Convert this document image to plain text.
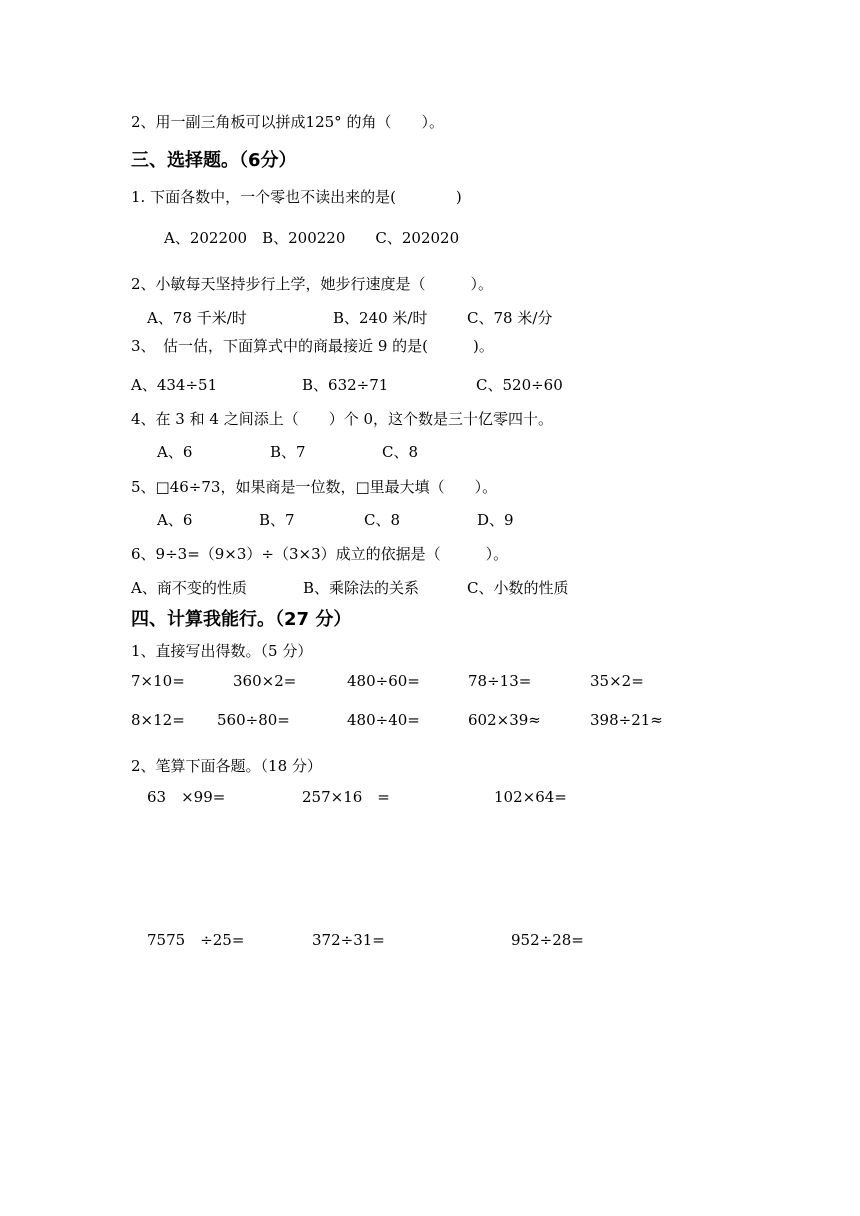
2、用一副三角板可以拼成125° 的角（　　）。
三、选择题。（6分）
1. 下面各数中，一个零也不读出来的是(　　　　)
A、202200　B、200220　　C、202020
2、小敏每天坚持步行上学，她步行速度是（　　　）。
A、78 千米/时	B、240 米/时	C、78 米/分
3、　估一估，下面算式中的商最接近 9 的是(　　　)。
A、434÷51	B、632÷71	C、520÷60
4、在 3 和 4 之间添上（　　）个 0，这个数是三十亿零四十。
A、6	B、7	C、8
5、□46÷73，如果商是一位数，□里最大填（　　）。
A、6	B、7	C、8	D、9
6、9÷3=（9×3）÷（3×3）成立的依据是（　　　）。
A、商不变的性质	B、乘除法的关系	C、小数的性质
四、计算我能行。（27 分）
1、直接写出得数。（5 分）
7×10=	360×2=	480÷60=	78÷13=	35×2=
8×12= 560÷80=	480÷40=	602×39≈	398÷21≈
2、笔算下面各题。（18 分）
63　×99=	257×16　=	102×64=
7575　÷25=	372÷31=	952÷28=
